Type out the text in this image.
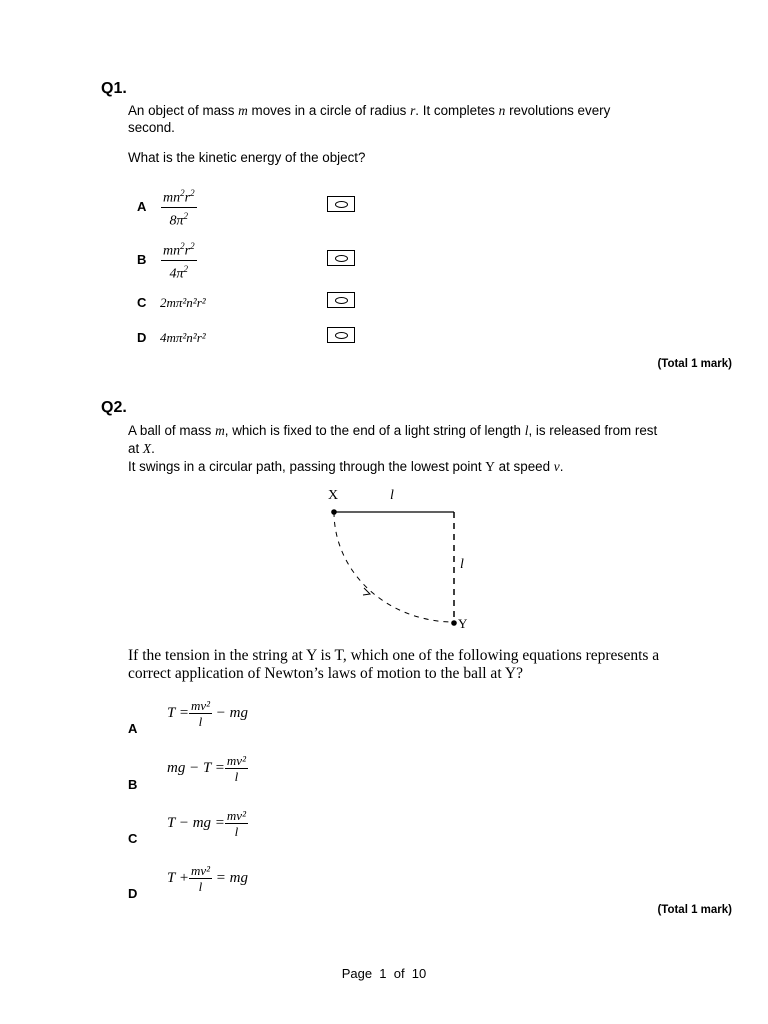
Q1.
An object of mass m moves in a circle of radius r. It completes n revolutions every
second.
What is the kinetic energy of the object?
A $\frac{mn^2r^2}{8\pi^2}$
B $\frac{mn^2r^2}{4\pi^2}$
C 2mπ²n²r²
D 4mπ²n²r²
(Total 1 mark)
Q2.
A ball of mass m, which is fixed to the end of a light string of length l, is released from rest
at X.
It swings in a circular path, passing through the lowest point Y at speed v.
X	l
l
Y
If the tension in the string at Y is T, which one of the following equations represents a
correct application of Newton’s laws of motion to the ball at Y?
A
$T = \frac{\text{mv²}}{l}$ − mg
B
mg − $T = \frac{\text{mv²}}{l}$
C
T − mg = $\frac{\text{mv²}}{l}$
D
$T + \frac{\text{mv²}}{l}$ = mg
(Total 1 mark)
Page  1  of  10
